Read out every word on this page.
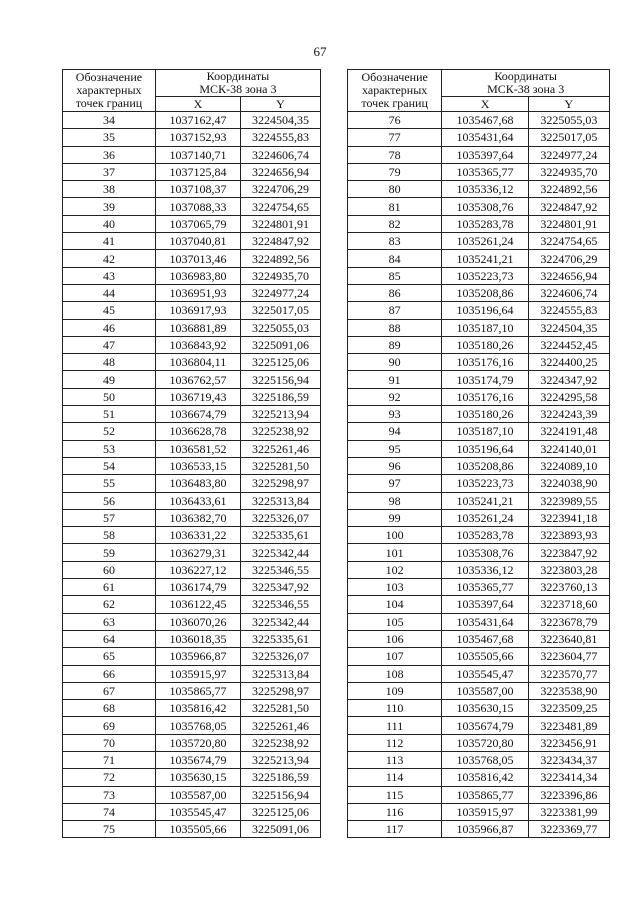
67
Обозначение характерных точек границ	Координаты
МСК-38 зона 3	
	X	Y
34	1037162,47	3224504,35
35	1037152,93	3224555,83
36	1037140,71	3224606,74
37	1037125,84	3224656,94
38	1037108,37	3224706,29
39	1037088,33	3224754,65
40	1037065,79	3224801,91
41	1037040,81	3224847,92
42	1037013,46	3224892,56
43	1036983,80	3224935,70
44	1036951,93	3224977,24
45	1036917,93	3225017,05
46	1036881,89	3225055,03
47	1036843,92	3225091,06
48	1036804,11	3225125,06
49	1036762,57	3225156,94
50	1036719,43	3225186,59
51	1036674,79	3225213,94
52	1036628,78	3225238,92
53	1036581,52	3225261,46
54	1036533,15	3225281,50
55	1036483,80	3225298,97
56	1036433,61	3225313,84
57	1036382,70	3225326,07
58	1036331,22	3225335,61
59	1036279,31	3225342,44
60	1036227,12	3225346,55
61	1036174,79	3225347,92
62	1036122,45	3225346,55
63	1036070,26	3225342,44
64	1036018,35	3225335,61
65	1035966,87	3225326,07
66	1035915,97	3225313,84
67	1035865,77	3225298,97
68	1035816,42	3225281,50
69	1035768,05	3225261,46
70	1035720,80	3225238,92
71	1035674,79	3225213,94
72	1035630,15	3225186,59
73	1035587,00	3225156,94
74	1035545,47	3225125,06
75	1035505,66	3225091,06
Обозначение характерных точек границ	Координаты
МСК-38 зона 3	
	X	Y
76	1035467,68	3225055,03
77	1035431,64	3225017,05
78	1035397,64	3224977,24
79	1035365,77	3224935,70
80	1035336,12	3224892,56
81	1035308,76	3224847,92
82	1035283,78	3224801,91
83	1035261,24	3224754,65
84	1035241,21	3224706,29
85	1035223,73	3224656,94
86	1035208,86	3224606,74
87	1035196,64	3224555,83
88	1035187,10	3224504,35
89	1035180,26	3224452,45
90	1035176,16	3224400,25
91	1035174,79	3224347,92
92	1035176,16	3224295,58
93	1035180,26	3224243,39
94	1035187,10	3224191,48
95	1035196,64	3224140,01
96	1035208,86	3224089,10
97	1035223,73	3224038,90
98	1035241,21	3223989,55
99	1035261,24	3223941,18
100	1035283,78	3223893,93
101	1035308,76	3223847,92
102	1035336,12	3223803,28
103	1035365,77	3223760,13
104	1035397,64	3223718,60
105	1035431,64	3223678,79
106	1035467,68	3223640,81
107	1035505,66	3223604,77
108	1035545,47	3223570,77
109	1035587,00	3223538,90
110	1035630,15	3223509,25
111	1035674,79	3223481,89
112	1035720,80	3223456,91
113	1035768,05	3223434,37
114	1035816,42	3223414,34
115	1035865,77	3223396,86
116	1035915,97	3223381,99
117	1035966,87	3223369,77
